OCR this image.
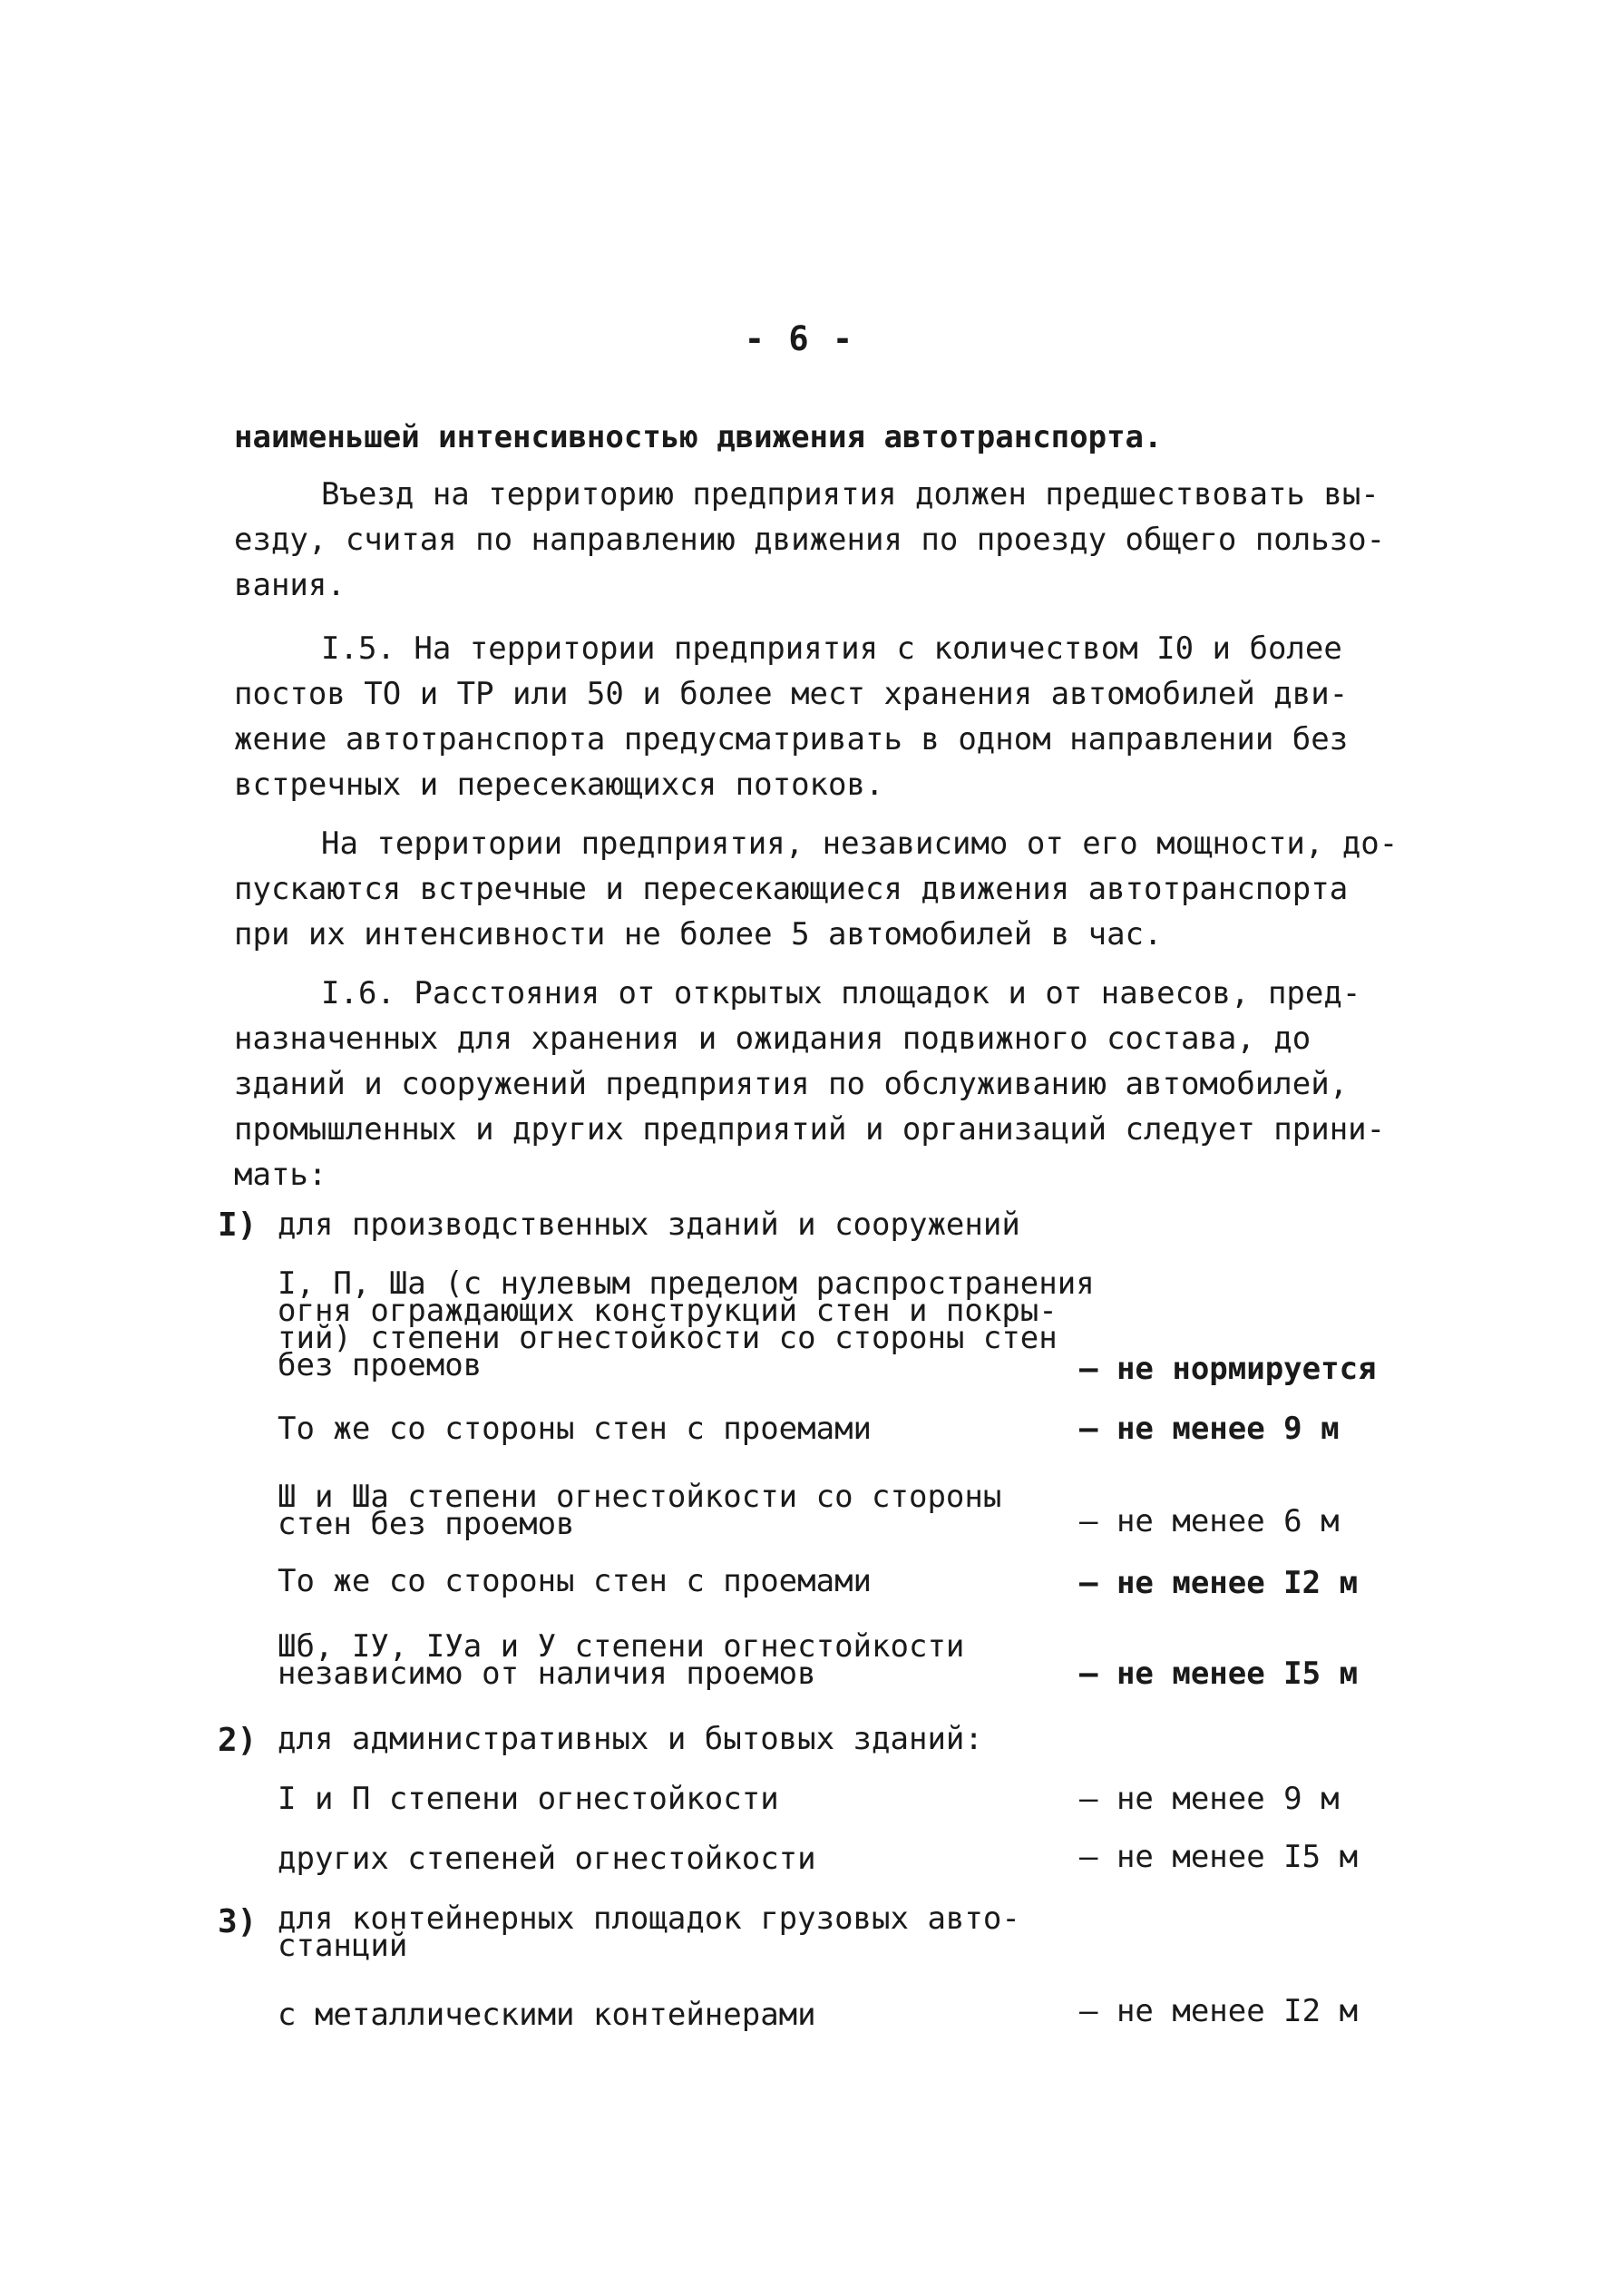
- 6 -
наименьшей интенсивностью движения автотранспорта.
Въезд на территорию предприятия должен предшествовать вы-
езду, считая по направлению движения по проезду общего пользо-
вания.
I.5. На территории предприятия с количеством I0 и более
постов ТО и ТР или 50 и более мест хранения автомобилей дви-
жение автотранспорта предусматривать в одном направлении без
встречных и пересекающихся потоков.
На территории предприятия, независимо от его мощности, до-
пускаются встречные и пересекающиеся движения автотранспорта
при их интенсивности не более 5 автомобилей в час.
I.6. Расстояния от открытых площадок и от навесов, пред-
назначенных для хранения и ожидания подвижного состава, до
зданий и сооружений предприятия по обслуживанию автомобилей,
промышленных и других предприятий и организаций следует прини-
мать:
I) для производственных зданий и сооружений
I, П, Шa (с нулевым пределом распространения
огня ограждающих конструкций стен и покры-
тий) степени огнестойкости со стороны стен
без проемов	– не нормируется
То же со стороны стен с проемами	– не менее 9 м
Ш и Шa степени огнестойкости со стороны
стен без проемов	– не менее 6 м
То же со стороны стен с проемами	– не менее I2 м
Шб, IУ, IУа и У степени огнестойкости
независимо от наличия проемов	– не менее I5 м
2) для административных и бытовых зданий:
I и П степени огнестойкости	– не менее 9 м
других степеней огнестойкости	– не менее I5 м
3) для контейнерных площадок грузовых авто-
станций
с металлическими контейнерами	– не менее I2 м
